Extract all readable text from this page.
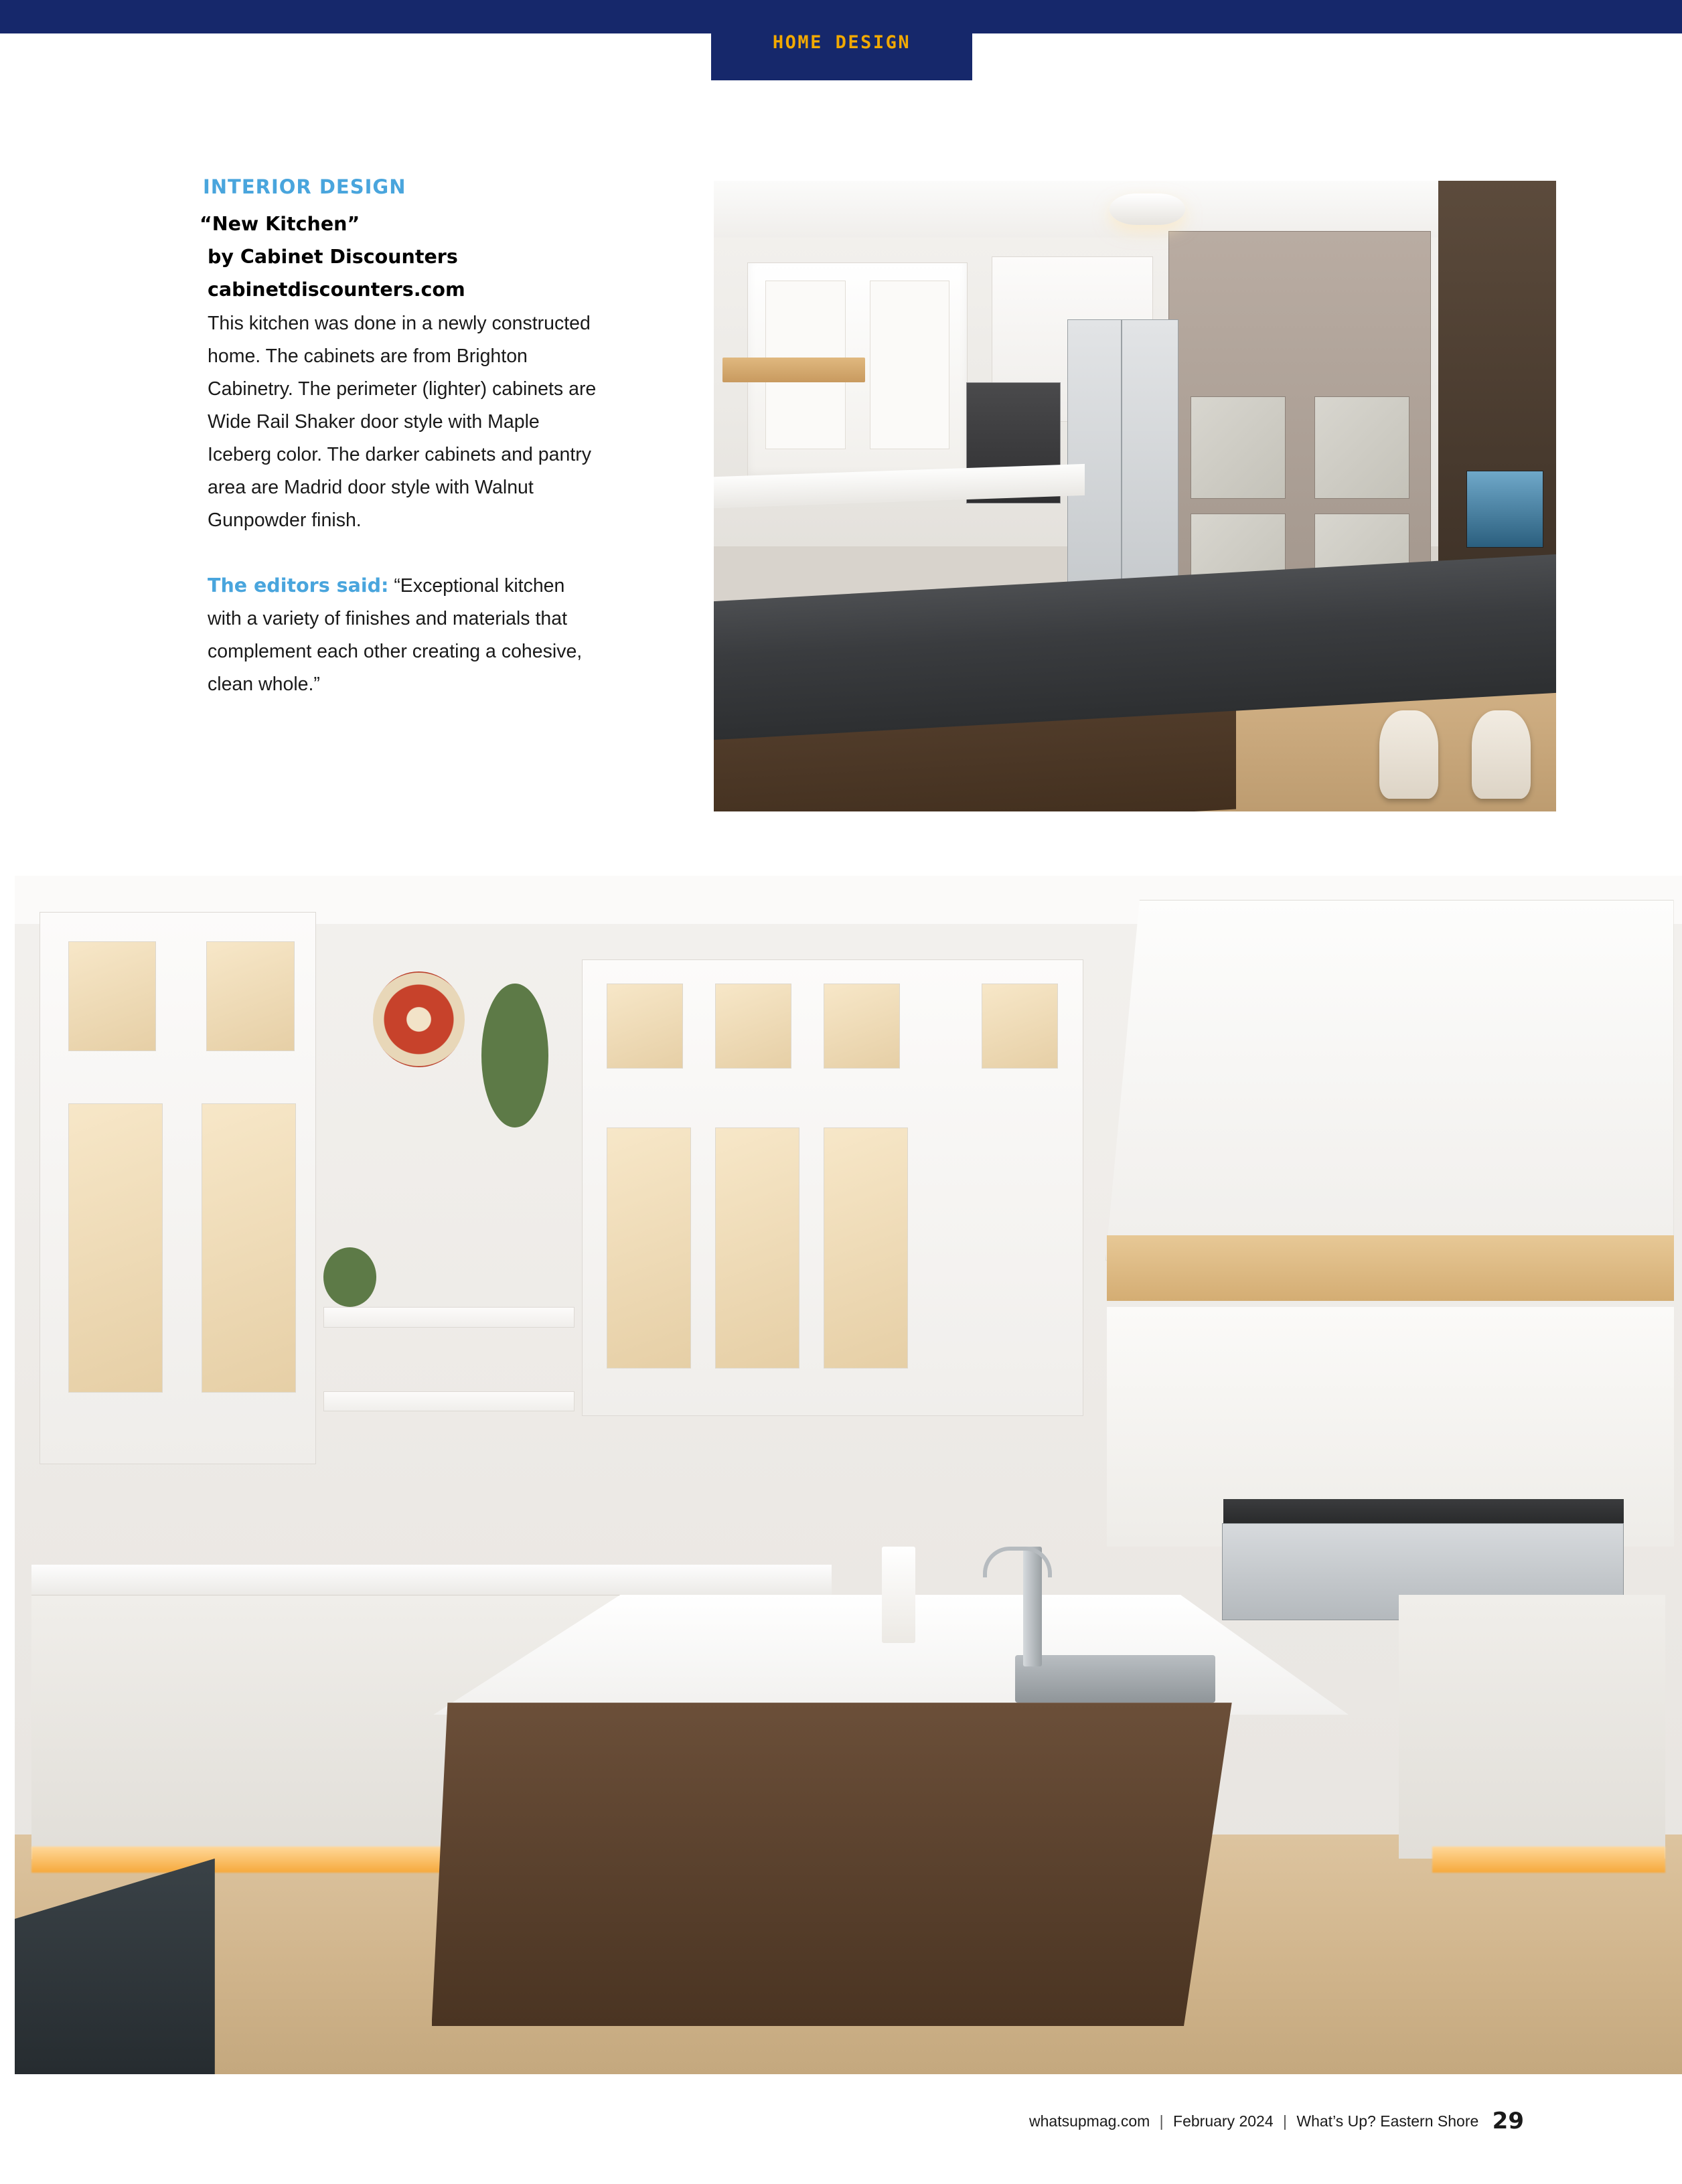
HOME DESIGN
INTERIOR DESIGN
“New Kitchen”
by Cabinet Discounters
cabinetdiscounters.com

This kitchen was done in a newly constructed home. The cabinets are from Brighton Cabinetry. The perimeter (lighter) cabinets are Wide Rail Shaker door style with Maple Iceberg color. The darker cabinets and pantry area are Madrid door style with Walnut Gunpowder finish.

The editors said: “Exceptional kitchen with a variety of finishes and materials that complement each other creating a cohesive, clean whole.”
whatsupmag.com | February 2024 | What’s Up? Eastern Shore 29
